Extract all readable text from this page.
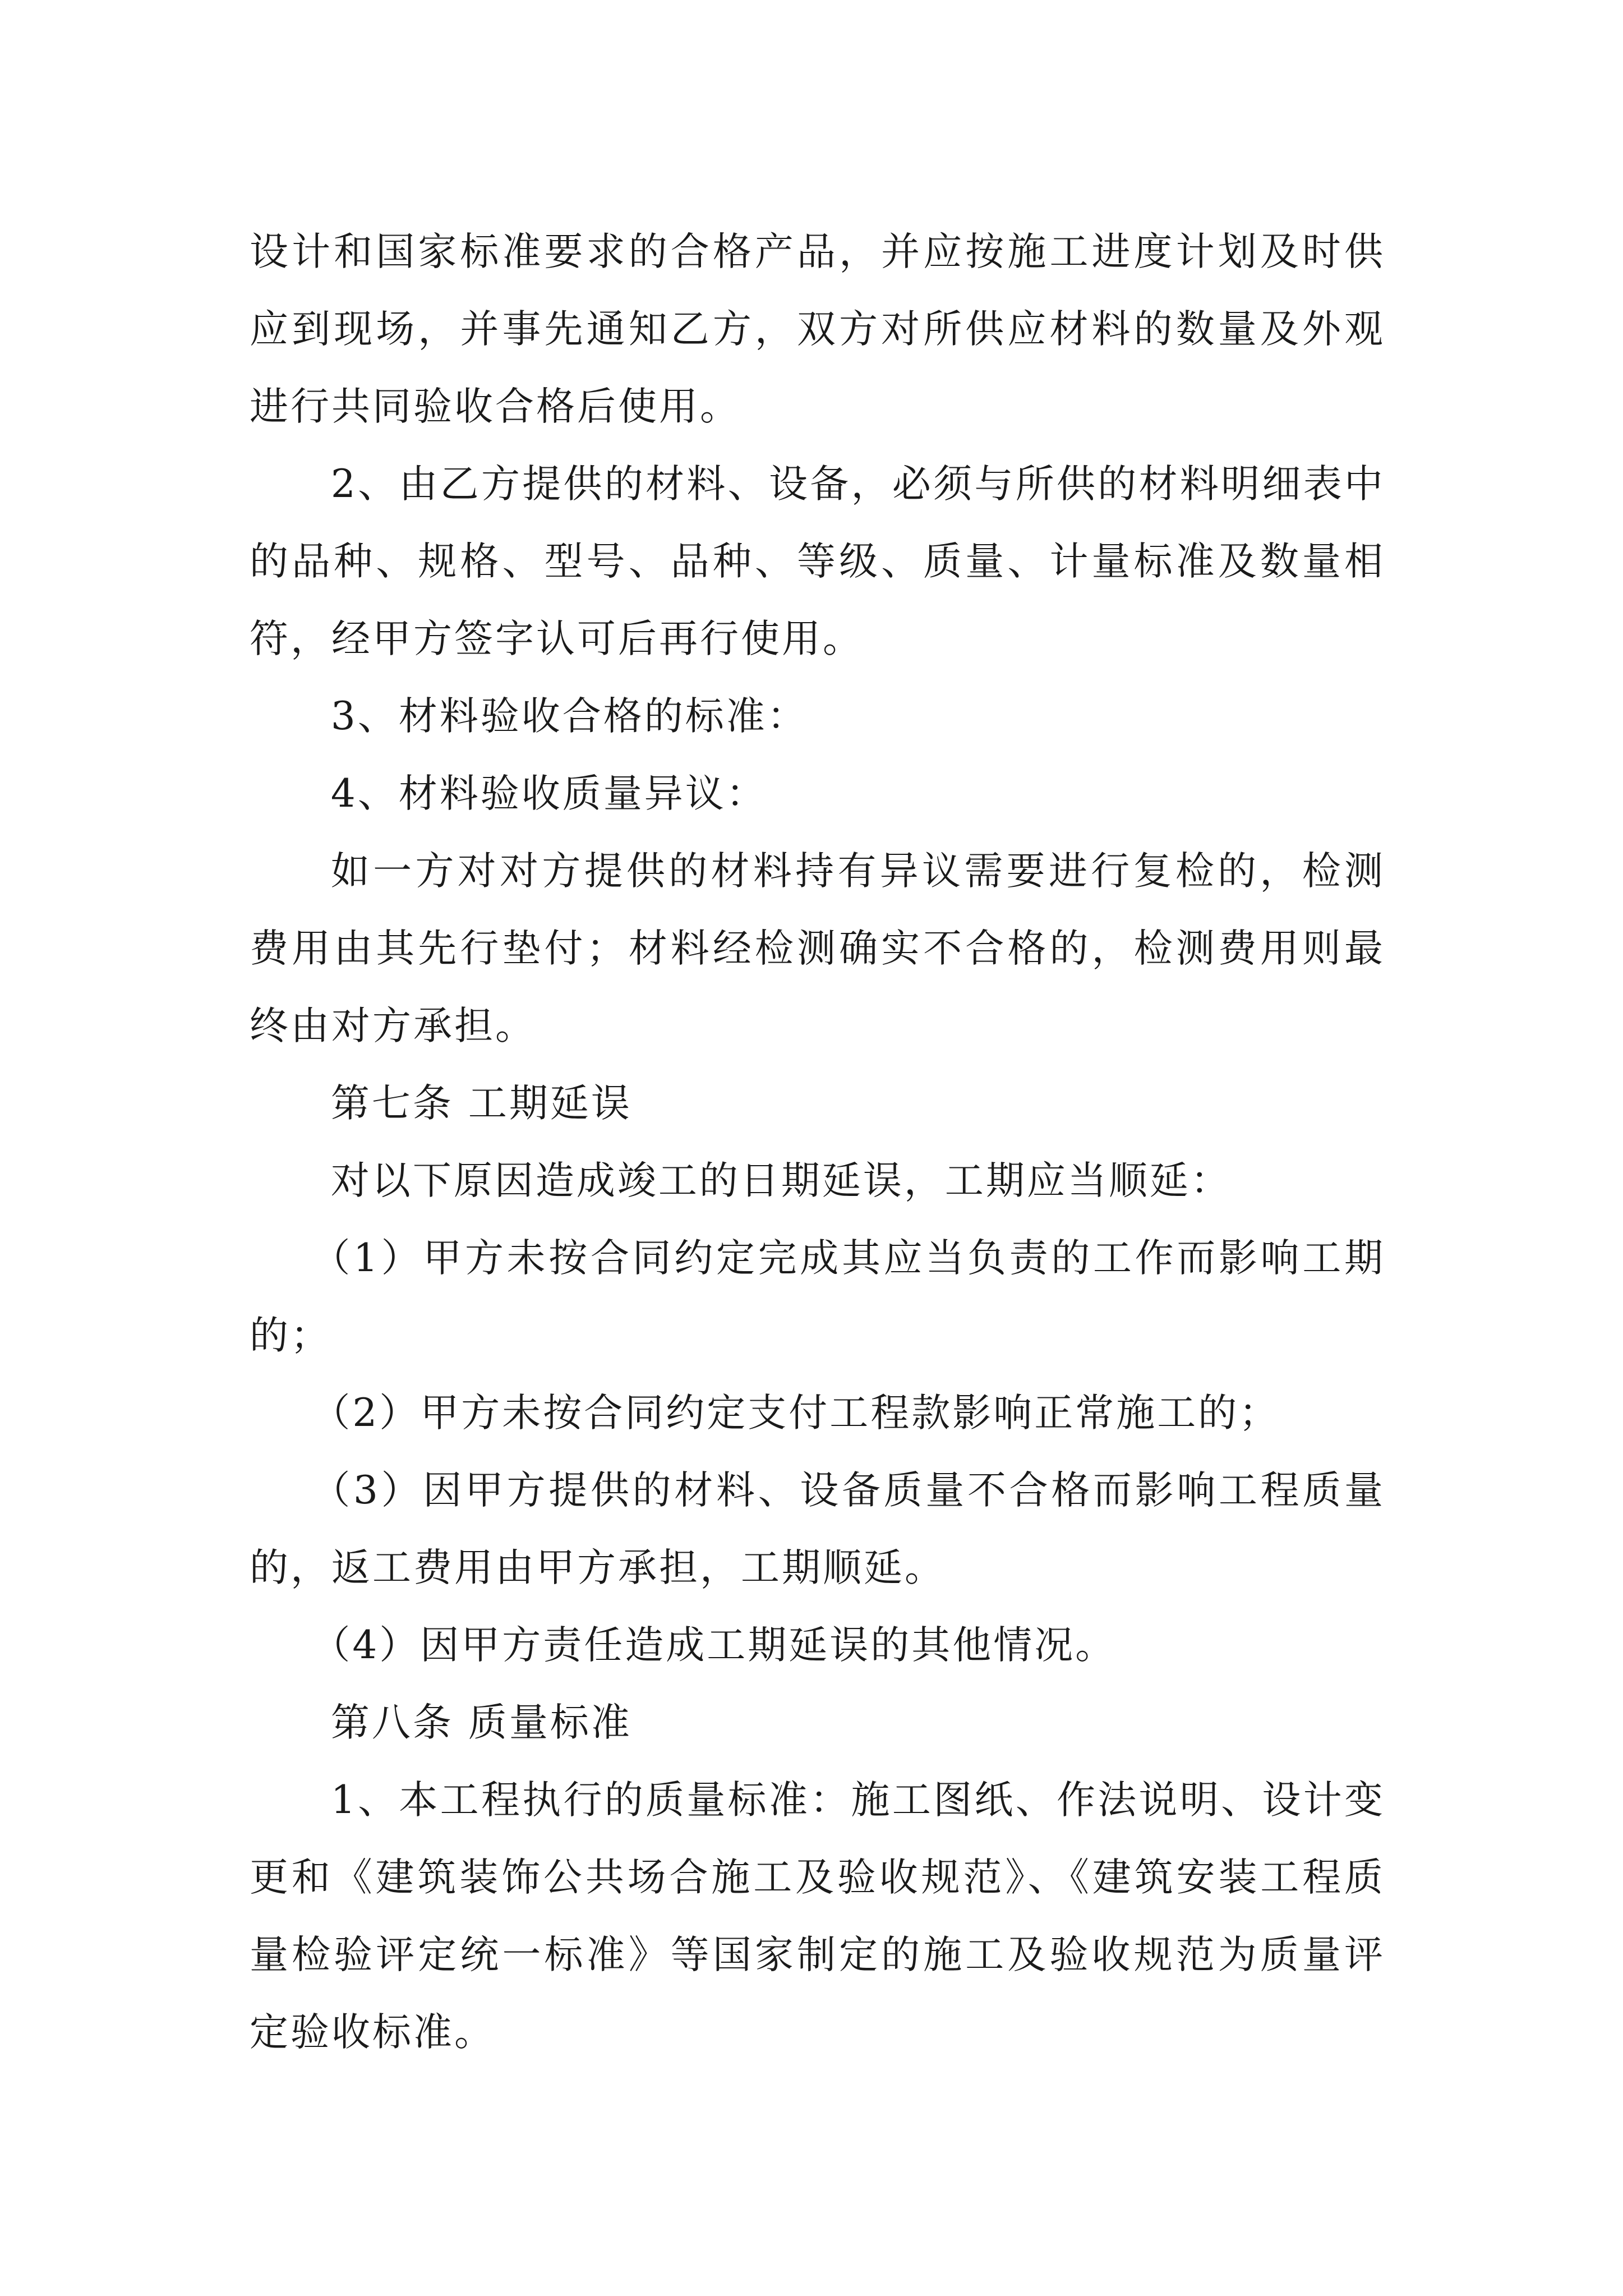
设计和国家标准要求的合格产品，并应按施工进度计划及时供应到现场，并事先通知乙方，双方对所供应材料的数量及外观进行共同验收合格后使用。

2、由乙方提供的材料、设备，必须与所供的材料明细表中的品种、规格、型号、品种、等级、质量、计量标准及数量相符，经甲方签字认可后再行使用。

3、材料验收合格的标准：

4、材料验收质量异议：

如一方对对方提供的材料持有异议需要进行复检的，检测费用由其先行垫付；材料经检测确实不合格的，检测费用则最终由对方承担。

第七条 工期延误

对以下原因造成竣工的日期延误，工期应当顺延：

（1）甲方未按合同约定完成其应当负责的工作而影响工期的；

（2）甲方未按合同约定支付工程款影响正常施工的；

（3）因甲方提供的材料、设备质量不合格而影响工程质量的，返工费用由甲方承担，工期顺延。

（4）因甲方责任造成工期延误的其他情况。

第八条 质量标准

1、本工程执行的质量标准：施工图纸、作法说明、设计变更和《建筑装饰公共场合施工及验收规范》、《建筑安装工程质量检验评定统一标准》等国家制定的施工及验收规范为质量评定验收标准。
